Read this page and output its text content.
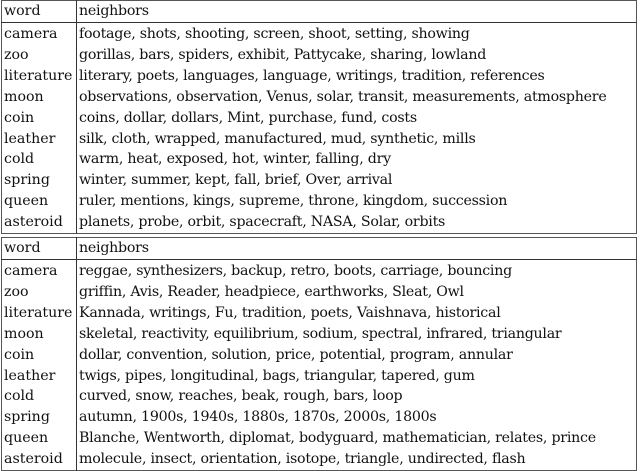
word	neighbors
camera	footage, shots, shooting, screen, shoot, setting, showing
zoo	gorillas, bars, spiders, exhibit, Pattycake, sharing, lowland
literature	literary, poets, languages, language, writings, tradition, references
moon	observations, observation, Venus, solar, transit, measurements, atmosphere
coin	coins, dollar, dollars, Mint, purchase, fund, costs
leather	silk, cloth, wrapped, manufactured, mud, synthetic, mills
cold	warm, heat, exposed, hot, winter, falling, dry
spring	winter, summer, kept, fall, brief, Over, arrival
queen	ruler, mentions, kings, supreme, throne, kingdom, succession
asteroid	planets, probe, orbit, spacecraft, NASA, Solar, orbits
word	neighbors
camera	reggae, synthesizers, backup, retro, boots, carriage, bouncing
zoo	griffin, Avis, Reader, headpiece, earthworks, Sleat, Owl
literature	Kannada, writings, Fu, tradition, poets, Vaishnava, historical
moon	skeletal, reactivity, equilibrium, sodium, spectral, infrared, triangular
coin	dollar, convention, solution, price, potential, program, annular
leather	twigs, pipes, longitudinal, bags, triangular, tapered, gum
cold	curved, snow, reaches, beak, rough, bars, loop
spring	autumn, 1900s, 1940s, 1880s, 1870s, 2000s, 1800s
queen	Blanche, Wentworth, diplomat, bodyguard, mathematician, relates, prince
asteroid	molecule, insect, orientation, isotope, triangle, undirected, flash
